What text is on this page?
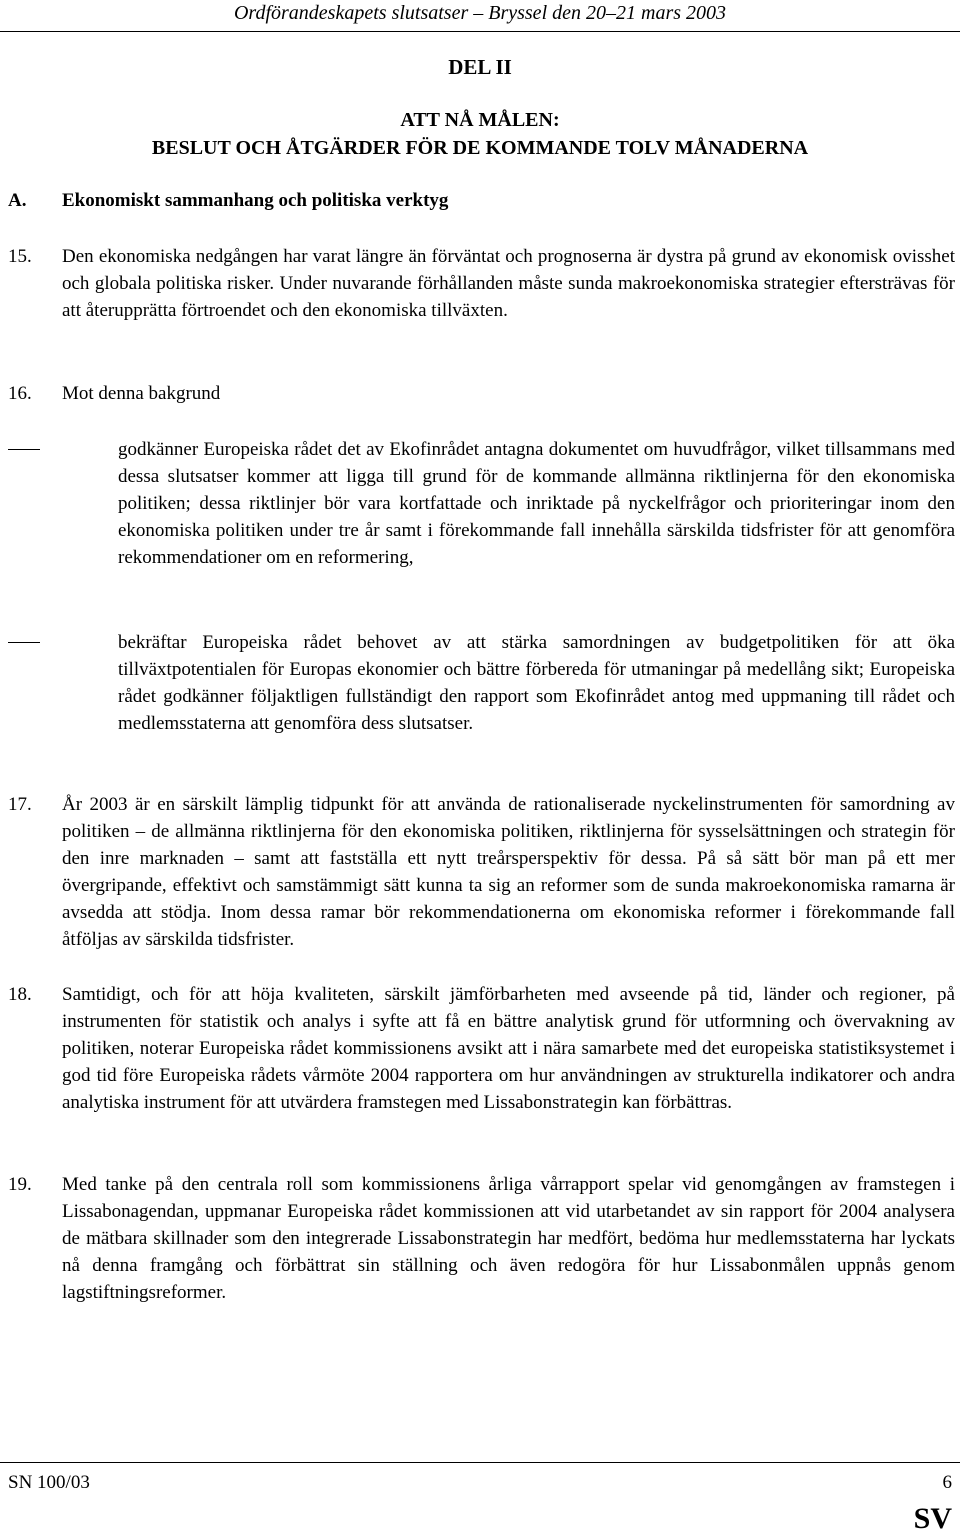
Ordförandeskapets slutsatser – Bryssel den 20–21 mars 2003
DEL II
ATT NÅ MÅLEN:
BESLUT OCH ÅTGÄRDER FÖR DE KOMMANDE TOLV MÅNADERNA
A. Ekonomiskt sammanhang och politiska verktyg
15. Den ekonomiska nedgången har varat längre än förväntat och prognoserna är dystra på grund av ekonomisk ovisshet och globala politiska risker. Under nuvarande förhållanden måste sunda makroekonomiska strategier eftersträvas för att återupprätta förtroendet och den ekonomiska tillväxten.
16. Mot denna bakgrund
godkänner Europeiska rådet det av Ekofinrådet antagna dokumentet om huvudfrågor, vilket tillsammans med dessa slutsatser kommer att ligga till grund för de kommande allmänna riktlinjerna för den ekonomiska politiken; dessa riktlinjer bör vara kortfattade och inriktade på nyckelfrågor och prioriteringar inom den ekonomiska politiken under tre år samt i förekommande fall innehålla särskilda tidsfrister för att genomföra rekommendationer om en reformering,
bekräftar Europeiska rådet behovet av att stärka samordningen av budgetpolitiken för att öka tillväxtpotentialen för Europas ekonomier och bättre förbereda för utmaningar på medellång sikt; Europeiska rådet godkänner följaktligen fullständigt den rapport som Ekofinrådet antog med uppmaning till rådet och medlemsstaterna att genomföra dess slutsatser.
17. År 2003 är en särskilt lämplig tidpunkt för att använda de rationaliserade nyckelinstrumenten för samordning av politiken – de allmänna riktlinjerna för den ekonomiska politiken, riktlinjerna för sysselsättningen och strategin för den inre marknaden – samt att fastställa ett nytt treårsperspektiv för dessa. På så sätt bör man på ett mer övergripande, effektivt och samstämmigt sätt kunna ta sig an reformer som de sunda makroekonomiska ramarna är avsedda att stödja. Inom dessa ramar bör rekommendationerna om ekonomiska reformer i förekommande fall åtföljas av särskilda tidsfrister.
18. Samtidigt, och för att höja kvaliteten, särskilt jämförbarheten med avseende på tid, länder och regioner, på instrumenten för statistik och analys i syfte att få en bättre analytisk grund för utformning och övervakning av politiken, noterar Europeiska rådet kommissionens avsikt att i nära samarbete med det europeiska statistiksystemet i god tid före Europeiska rådets vårmöte 2004 rapportera om hur användningen av strukturella indikatorer och andra analytiska instrument för att utvärdera framstegen med Lissabonstrategin kan förbättras.
19. Med tanke på den centrala roll som kommissionens årliga vårrapport spelar vid genomgången av framstegen i Lissabonagendan, uppmanar Europeiska rådet kommissionen att vid utarbetandet av sin rapport för 2004 analysera de mätbara skillnader som den integrerade Lissabonstrategin har medfört, bedöma hur medlemsstaterna har lyckats nå denna framgång och förbättrat sin ställning och även redogöra för hur Lissabonmålen uppnås genom lagstiftningsreformer.
SN 100/03	6
SV
